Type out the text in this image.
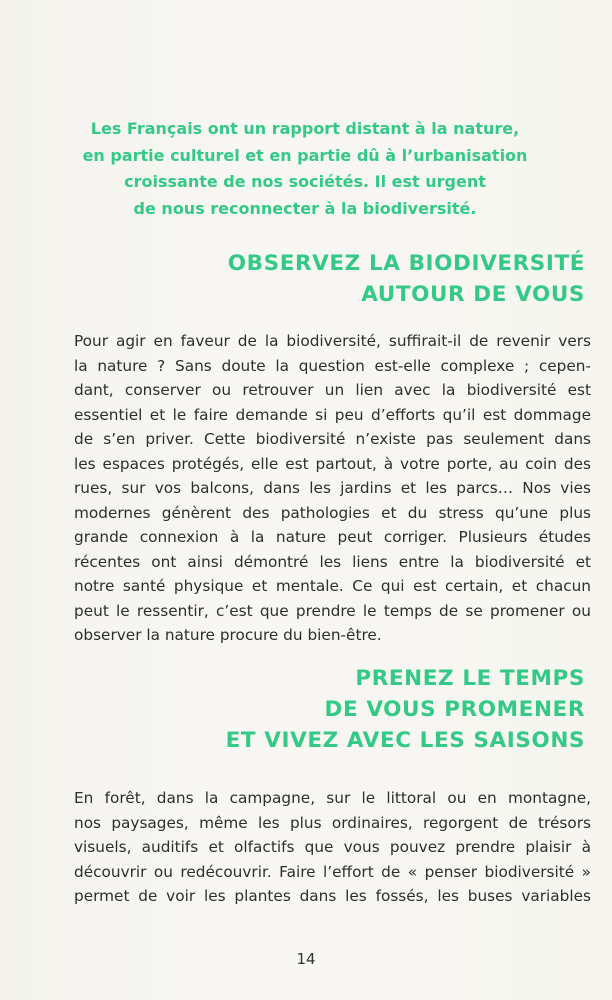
Les Français ont un rapport distant à la nature,
en partie culturel et en partie dû à l’urbanisation
croissante de nos sociétés. Il est urgent
de nous reconnecter à la biodiversité.

OBSERVEZ LA BIODIVERSITÉ
AUTOUR DE VOUS
Pour agir en faveur de la biodiversité, suffirait-il de revenir vers
la nature ? Sans doute la question est-elle complexe ; cepen-
dant, conserver ou retrouver un lien avec la biodiversité est
essentiel et le faire demande si peu d’efforts qu’il est dommage
de s’en priver. Cette biodiversité n’existe pas seulement dans
les espaces protégés, elle est partout, à votre porte, au coin des
rues, sur vos balcons, dans les jardins et les parcs… Nos vies
modernes génèrent des pathologies et du stress qu’une plus
grande connexion à la nature peut corriger. Plusieurs études
récentes ont ainsi démontré les liens entre la biodiversité et
notre santé physique et mentale. Ce qui est certain, et chacun
peut le ressentir, c’est que prendre le temps de se promener ou
observer la nature procure du bien-être.
PRENEZ LE TEMPS
DE VOUS PROMENER
ET VIVEZ AVEC LES SAISONS
En forêt, dans la campagne, sur le littoral ou en montagne,
nos paysages, même les plus ordinaires, regorgent de trésors
visuels, auditifs et olfactifs que vous pouvez prendre plaisir à
découvrir ou redécouvrir. Faire l’effort de « penser biodiversité »
permet de voir les plantes dans les fossés, les buses variables
14
